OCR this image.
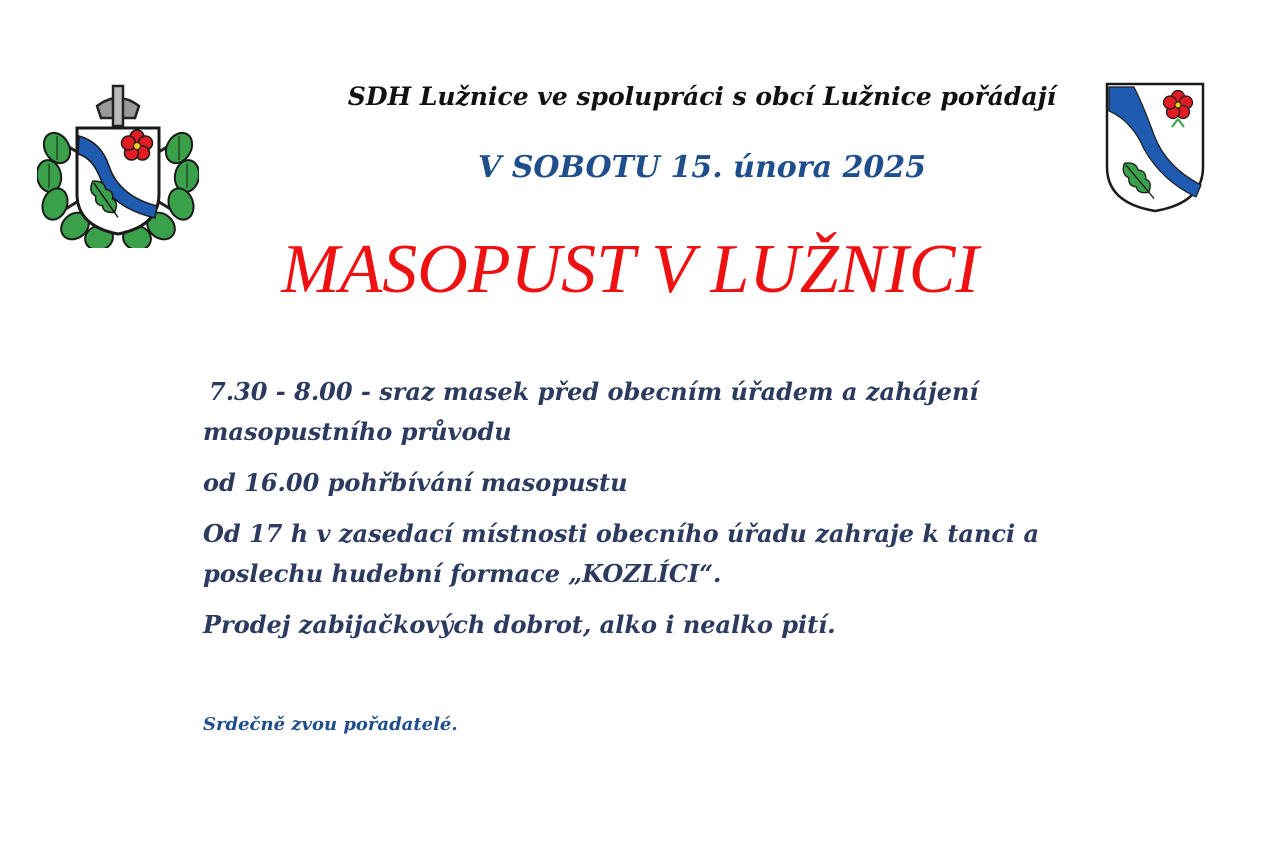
SDH Lužnice ve spolupráci s obcí Lužnice pořádají
V SOBOTU 15. února 2025
MASOPUST V LUŽNICI

7.30 - 8.00 - sraz masek před obecním úřadem a zahájení masopustního průvodu

od 16.00 pohřbívání masopustu

Od 17 h v zasedací místnosti obecního úřadu zahraje k tanci a poslechu hudební formace „KOZLÍCI“.

Prodej zabijačkových dobrot, alko i nealko pití.

Srdečně zvou pořadatelé.
